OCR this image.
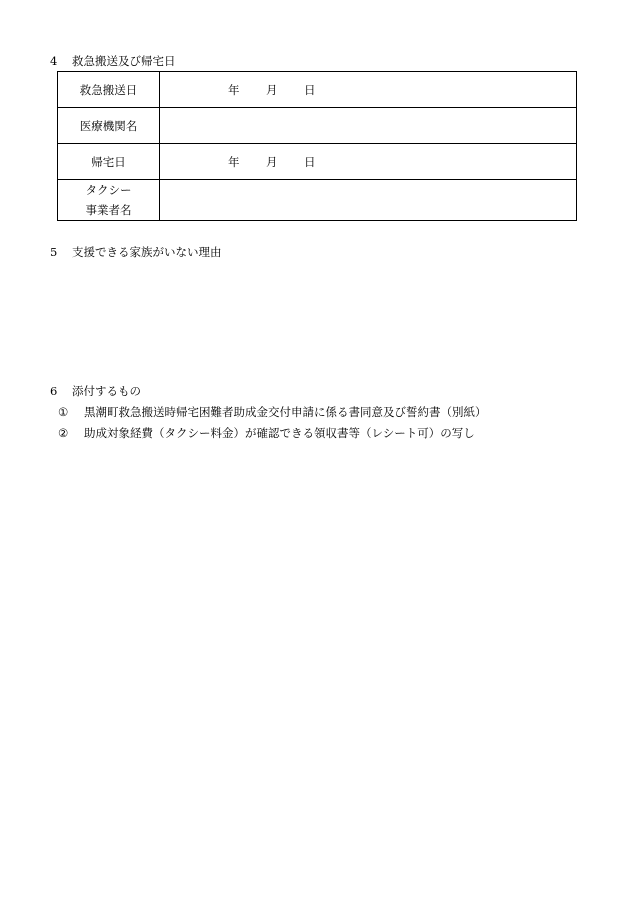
4 救急搬送及び帰宅日
救急搬送日	年 月 日

医療機関名	
帰宅日	年 月 日

タクシー
事業者名	

5 支援できる家族がいない理由
6 添付するもの
① 黒潮町救急搬送時帰宅困難者助成金交付申請に係る書同意及び誓約書（別紙）
② 助成対象経費（タクシー料金）が確認できる領収書等（レシート可）の写し
